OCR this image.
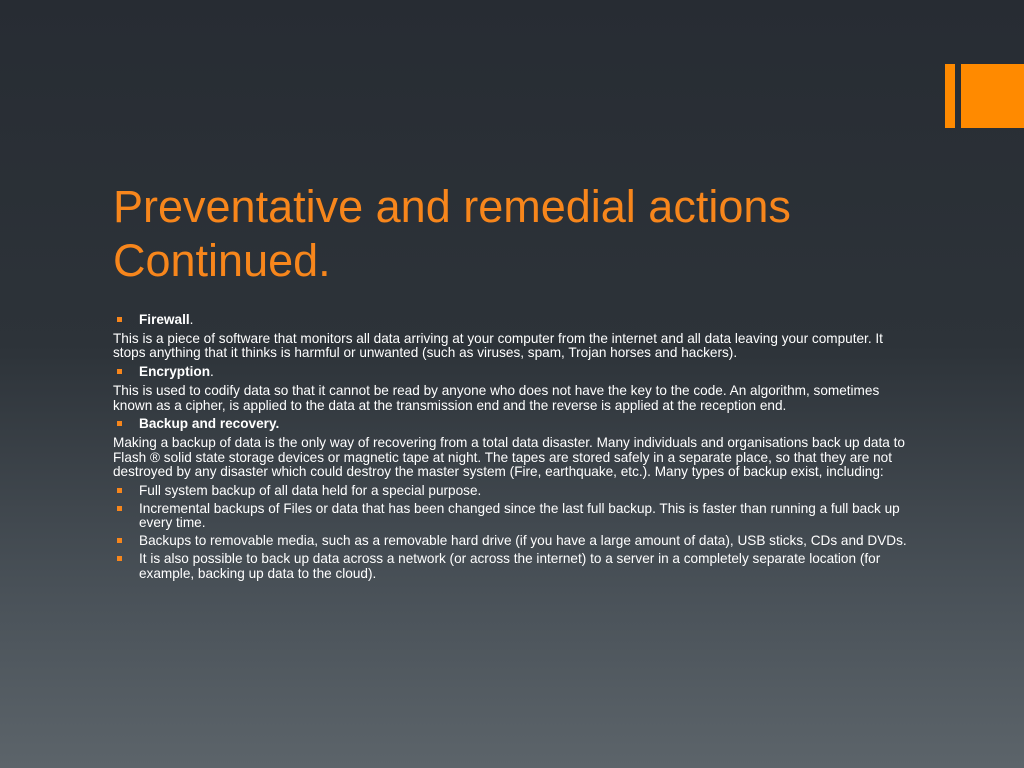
Preventative and remedial actions Continued.
Firewall.
This is a piece of software that monitors all data arriving at your computer from the internet and all data leaving your computer. It stops anything that it thinks is harmful or unwanted (such as viruses, spam, Trojan horses and hackers).
Encryption.
This is used to codify data so that it cannot be read by anyone who does not have the key to the code. An algorithm, sometimes known as a cipher, is applied to the data at the transmission end and the reverse is applied at the reception end.
Backup and recovery.
Making a backup of data is the only way of recovering from a total data disaster. Many individuals and organisations back up data to Flash ® solid state storage devices or magnetic tape at night. The tapes are stored safely in a separate place, so that they are not destroyed by any disaster which could destroy the master system (Fire, earthquake, etc.). Many types of backup exist, including:
Full system backup of all data held for a special purpose.
Incremental backups of Files or data that has been changed since the last full backup. This is faster than running a full back up every time.
Backups to removable media, such as a removable hard drive (if you have a large amount of data), USB sticks, CDs and DVDs.
It is also possible to back up data across a network (or across the internet) to a server in a completely separate location (for example, backing up data to the cloud).
